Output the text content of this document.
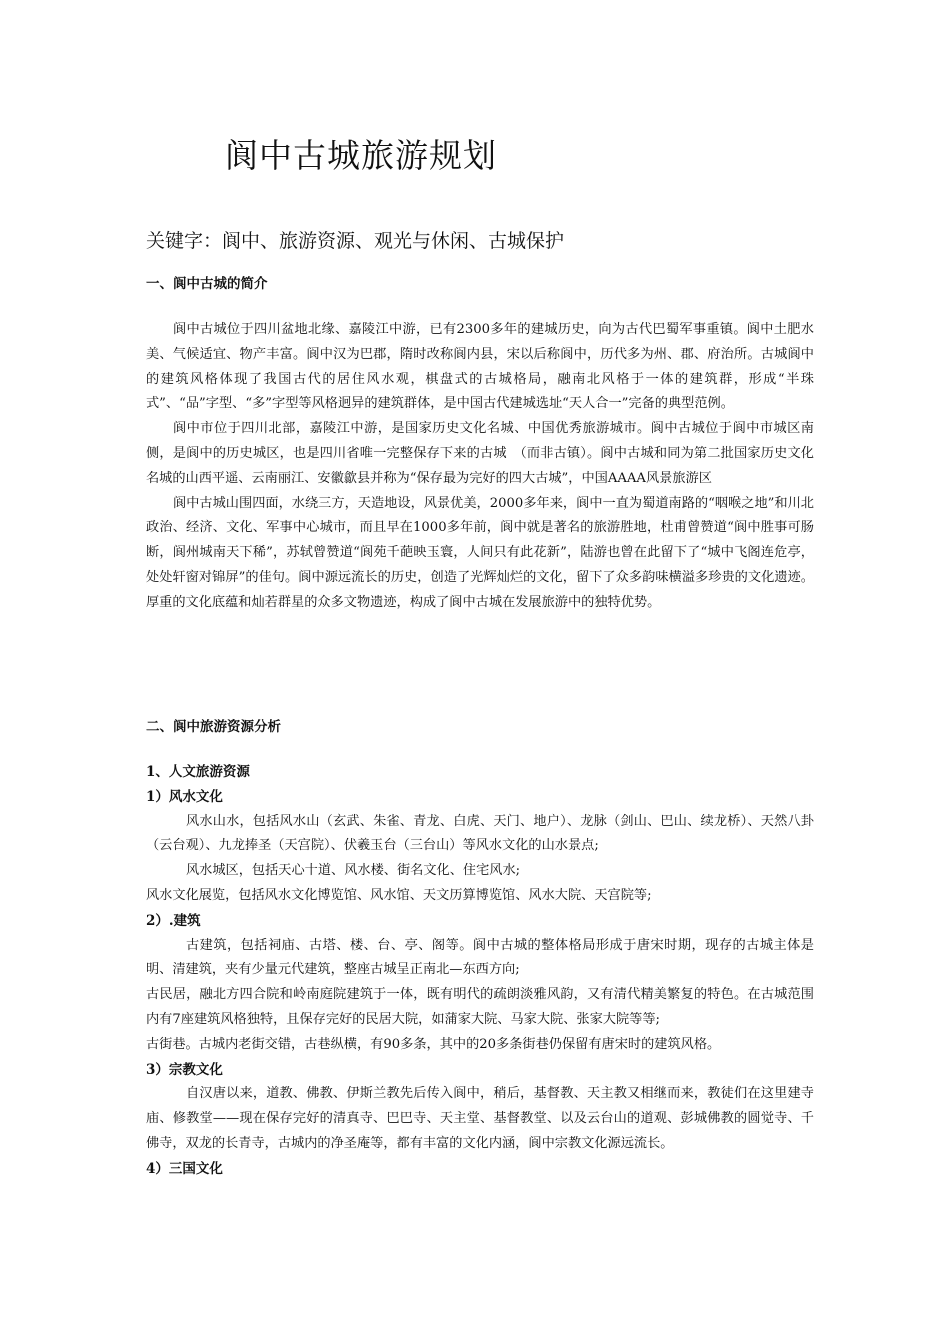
阆中古城旅游规划
关键字：阆中、旅游资源、观光与休闲、古城保护
一、阆中古城的简介

阆中古城位于四川盆地北缘、嘉陵江中游，已有2300多年的建城历史，向为古代巴蜀军事重镇。阆中土肥水美、气候适宜、物产丰富。阆中汉为巴郡，隋时改称阆内县，宋以后称阆中，历代多为州、郡、府治所。古城阆中的建筑风格体现了我国古代的居住风水观，棋盘式的古城格局，融南北风格于一体的建筑群，形成“半珠式”、“品”字型、“多”字型等风格迥异的建筑群体，是中国古代建城选址“天人合一”完备的典型范例。

阆中市位于四川北部，嘉陵江中游，是国家历史文化名城、中国优秀旅游城市。阆中古城位于阆中市城区南侧，是阆中的历史城区，也是四川省唯一完整保存下来的古城　（而非古镇）。阆中古城和同为第二批国家历史文化名城的山西平遥、云南丽江、安徽歙县并称为“保存最为完好的四大古城”，中国AAAA风景旅游区

阆中古城山围四面，水绕三方，天造地设，风景优美，2000多年来，阆中一直为蜀道南路的“咽喉之地”和川北政治、经济、文化、军事中心城市，而且早在1000多年前，阆中就是著名的旅游胜地，杜甫曾赞道“阆中胜事可肠断，阆州城南天下稀”，苏轼曾赞道“阆苑千葩映玉寰，人间只有此花新”，陆游也曾在此留下了“城中飞阁连危亭，处处轩窗对锦屏”的佳句。阆中源远流长的历史，创造了光辉灿烂的文化，留下了众多韵味横溢多珍贵的文化遗迹。厚重的文化底蕴和灿若群星的众多文物遗迹，构成了阆中古城在发展旅游中的独特优势。

二、阆中旅游资源分析
1、人文旅游资源
1）风水文化

风水山水，包括风水山（玄武、朱雀、青龙、白虎、天门、地户）、龙脉（剑山、巴山、续龙桥）、天然八卦（云台观）、九龙捧圣（天宫院）、伏羲玉台（三台山）等风水文化的山水景点;

风水城区，包括天心十道、风水楼、街名文化、住宅风水;

风水文化展览，包括风水文化博览馆、风水馆、天文历算博览馆、风水大院、天宫院等;

2）.建筑

古建筑，包括祠庙、古塔、楼、台、亭、阁等。阆中古城的整体格局形成于唐宋时期，现存的古城主体是明、清建筑，夹有少量元代建筑，整座古城呈正南北—东西方向;

古民居，融北方四合院和岭南庭院建筑于一体，既有明代的疏朗淡雅风韵，又有清代精美繁复的特色。在古城范围内有7座建筑风格独特，且保存完好的民居大院，如蒲家大院、马家大院、张家大院等等;

古街巷。古城内老街交错，古巷纵横，有90多条，其中的20多条街巷仍保留有唐宋时的建筑风格。

3）宗教文化

自汉唐以来，道教、佛教、伊斯兰教先后传入阆中，稍后，基督教、天主教又相继而来，教徒们在这里建寺庙、修教堂——现在保存完好的清真寺、巴巴寺、天主堂、基督教堂、以及云台山的道观、彭城佛教的圆觉寺、千佛寺，双龙的长青寺，古城内的净圣庵等，都有丰富的文化内涵，阆中宗教文化源远流长。

4）三国文化
